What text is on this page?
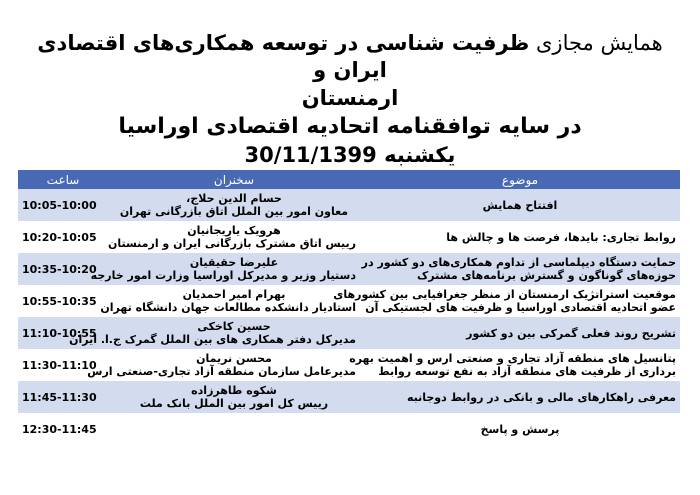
همایش مجازی ظرفیت شناسی در توسعه همکاری‌های اقتصادی ایران و
ارمنستان
در سایه توافقنامه اتحادیه اقتصادی اوراسیا
یکشنبه 30/11/1399
موضوع	سخنران	ساعت

افتتاح همایش	حسام الدین حلاج،
معاون امور بین الملل اتاق بازرگانی تهران	10:05-10:00

روابط تجاری: بایدها، فرصت ها و چالش ها	هرویک یاریجانیان
رییس اتاق مشترک بازرگانی ایران و ارمنستان	10:20-10:05

حمایت دستگاه دیپلماسی از تداوم همکاری‌های دو کشور در
حوزه‌های گوناگون و گسترش برنامه‌های مشترک	علیرضا حقیقیان
دستیار وزیر و مدیرکل اوراسیا وزارت امور خارجه	10:35-10:20

موقعیت استراتژیک ارمنستان از منظر جغرافیایی بین کشورهای
عضو اتحادیه اقتصادی اوراسیا و ظرفیت های لجستیکی آن	بهرام امیر احمدیان
استادیار دانشکده مطالعات جهان دانشگاه تهران	10:55-10:35

تشریح روند فعلی گمرکی بین دو کشور	حسین کاخکی
مدیرکل دفتر همکاری های بین الملل گمرک ج.ا. ایران	11:10-10:55

پتانسیل های منطقه آزاد تجاری و صنعتی ارس و اهمیت بهره
برداری از ظرفیت های منطقه آزاد به نفع توسعه روابط	محسن نریمان
مدیرعامل سازمان منطقه آزاد تجاری-صنعتی ارس	11:30-11:10

معرفی راهکارهای مالی و بانکی در روابط دوجانبه	شکوه طاهرزاده
رییس کل امور بین الملل بانک ملت	11:45-11:30

پرسش و پاسخ		12:30-11:45
